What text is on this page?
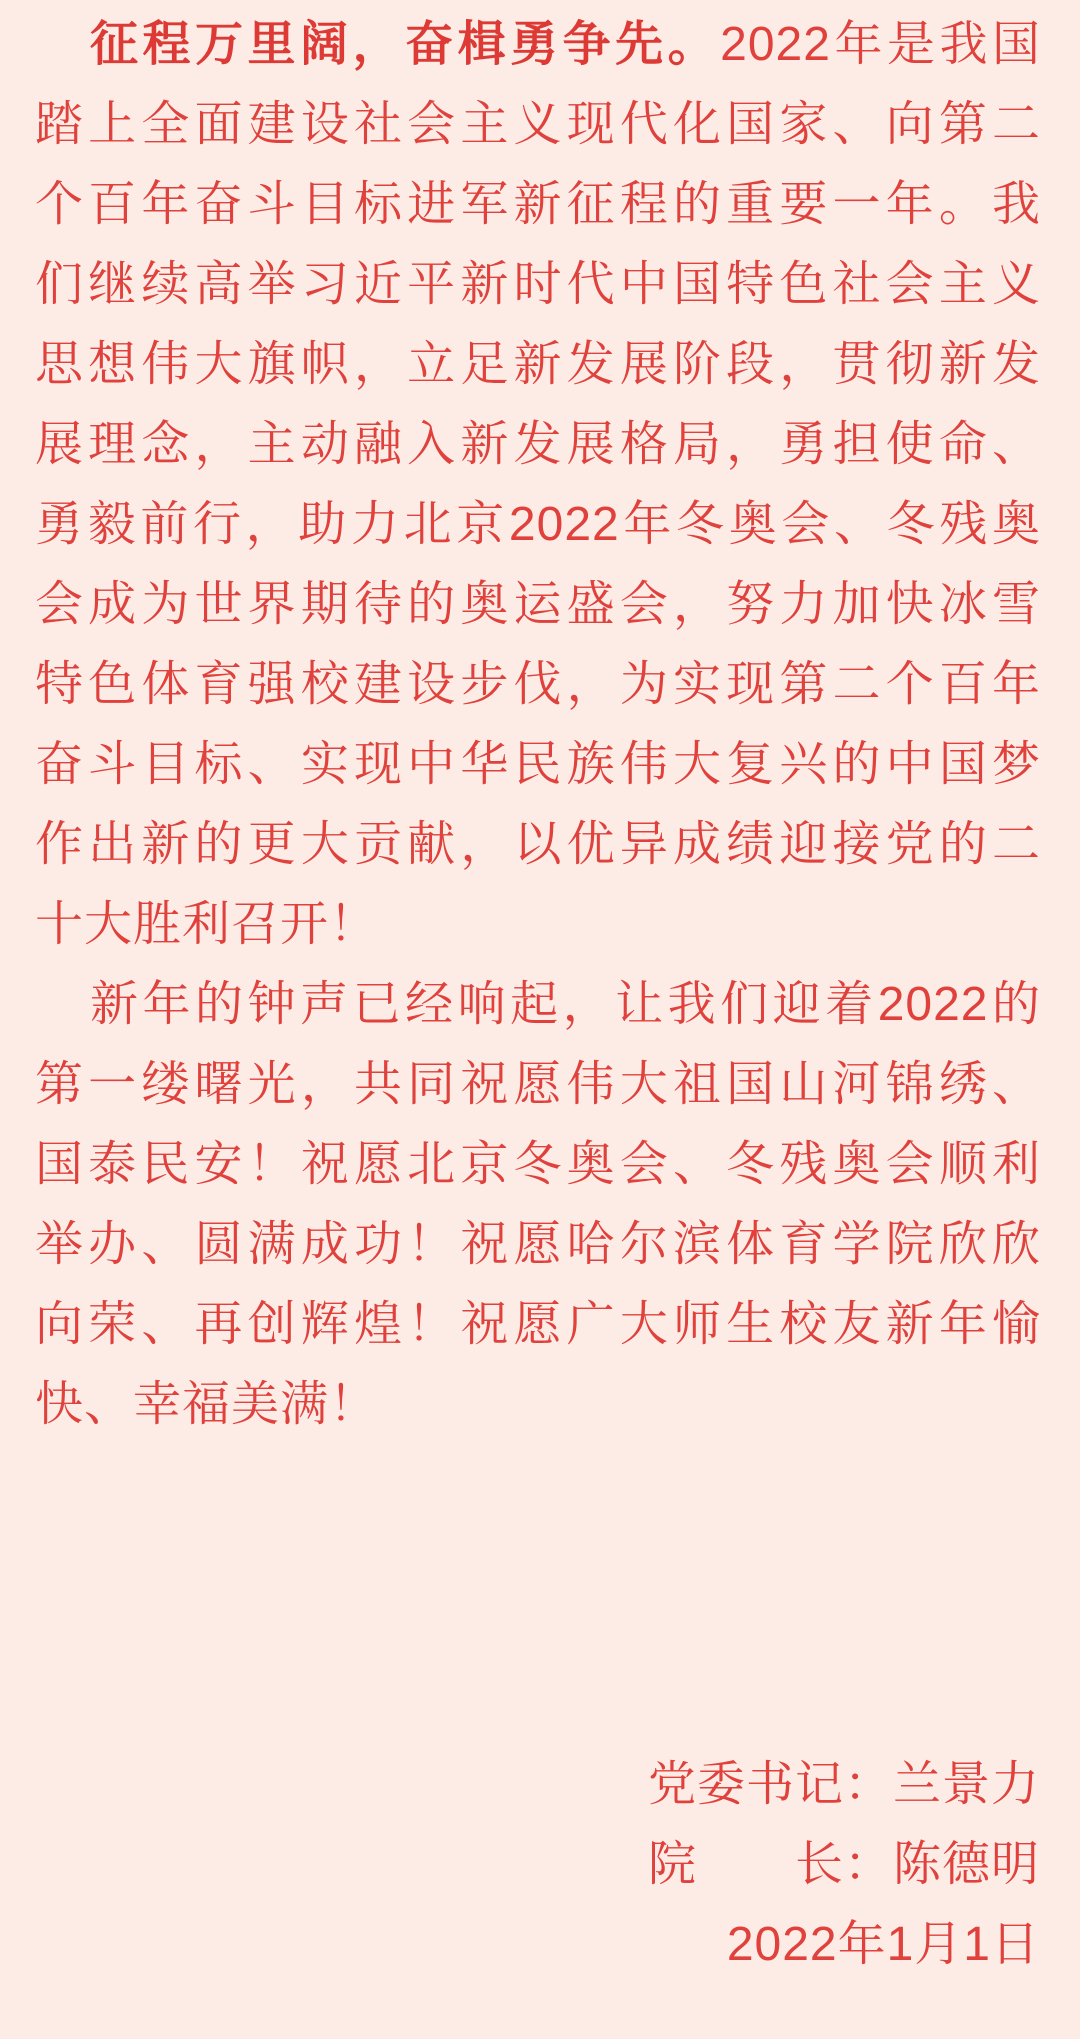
征程万里阔，奋楫勇争先。2022年是我国
踏上全面建设社会主义现代化国家、向第二
个百年奋斗目标进军新征程的重要一年。我
们继续高举习近平新时代中国特色社会主义
思想伟大旗帜，立足新发展阶段，贯彻新发
展理念，主动融入新发展格局，勇担使命、
勇毅前行，助力北京2022年冬奥会、冬残奥
会成为世界期待的奥运盛会，努力加快冰雪
特色体育强校建设步伐，为实现第二个百年
奋斗目标、实现中华民族伟大复兴的中国梦
作出新的更大贡献，以优异成绩迎接党的二
十大胜利召开！
新年的钟声已经响起，让我们迎着2022的
第一缕曙光，共同祝愿伟大祖国山河锦绣、
国泰民安！祝愿北京冬奥会、冬残奥会顺利
举办、圆满成功！祝愿哈尔滨体育学院欣欣
向荣、再创辉煌！祝愿广大师生校友新年愉
快、幸福美满！
党委书记：兰景力
院　　长：陈德明
2022年1月1日
